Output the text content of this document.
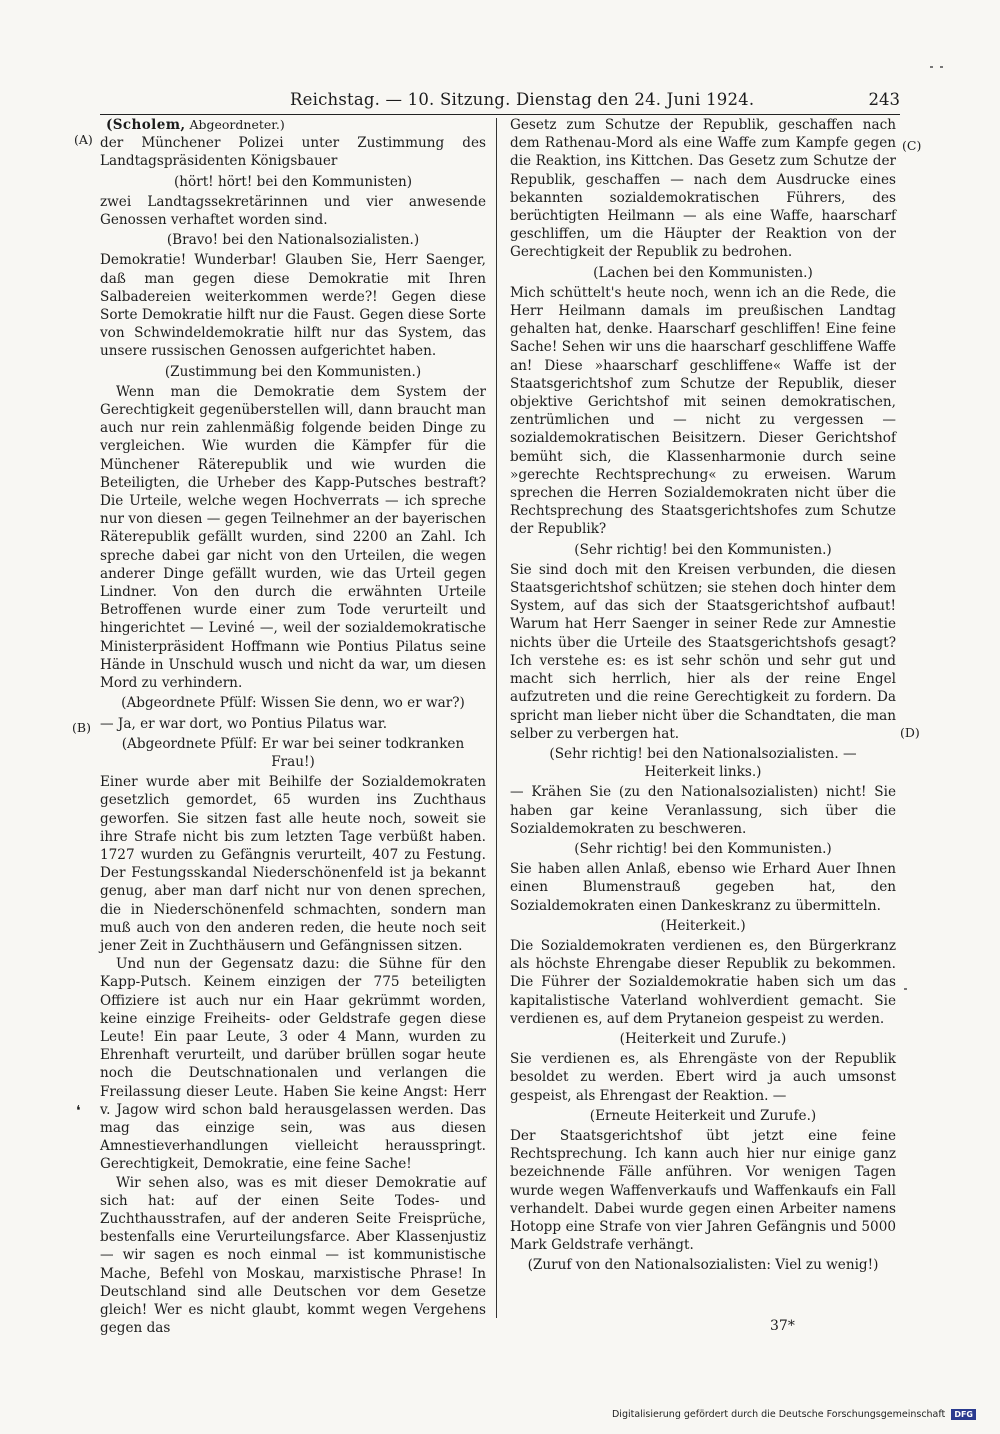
Reichstag. — 10. Sitzung. Dienstag den 24. Juni 1924.	243
(A)
(B)
(C)
(D)
❛
(Scholem, Abgeordneter.)

der Münchener Polizei unter Zustimmung des Landtagspräsidenten Königsbauer

(hört! hört! bei den Kommunisten)

zwei Landtagssekretärinnen und vier anwesende Genossen verhaftet worden sind.

(Bravo! bei den Nationalsozialisten.)

Demokratie! Wunderbar! Glauben Sie, Herr Saenger, daß man gegen diese Demokratie mit Ihren Salbadereien weiterkommen werde?! Gegen diese Sorte Demokratie hilft nur die Faust. Gegen diese Sorte von Schwindeldemokratie hilft nur das System, das unsere russischen Genossen aufgerichtet haben.

(Zustimmung bei den Kommunisten.)

Wenn man die Demokratie dem System der Gerechtigkeit gegenüberstellen will, dann braucht man auch nur rein zahlenmäßig folgende beiden Dinge zu vergleichen. Wie wurden die Kämpfer für die Münchener Räterepublik und wie wurden die Beteiligten, die Urheber des Kapp-Putsches bestraft? Die Urteile, welche wegen Hochverrats — ich spreche nur von diesen — gegen Teilnehmer an der bayerischen Räterepublik gefällt wurden, sind 2200 an Zahl. Ich spreche dabei gar nicht von den Urteilen, die wegen anderer Dinge gefällt wurden, wie das Urteil gegen Lindner. Von den durch die erwähnten Urteile Betroffenen wurde einer zum Tode verurteilt und hingerichtet — Leviné —, weil der sozialdemokratische Ministerpräsident Hoffmann wie Pontius Pilatus seine Hände in Unschuld wusch und nicht da war, um diesen Mord zu verhindern.

(Abgeordnete Pfülf: Wissen Sie denn, wo er war?)

— Ja, er war dort, wo Pontius Pilatus war.

(Abgeordnete Pfülf: Er war bei seiner todkranken Frau!)

Einer wurde aber mit Beihilfe der Sozialdemokraten gesetzlich gemordet, 65 wurden ins Zuchthaus geworfen. Sie sitzen fast alle heute noch, soweit sie ihre Strafe nicht bis zum letzten Tage verbüßt haben. 1727 wurden zu Gefängnis verurteilt, 407 zu Festung. Der Festungsskandal Niederschönenfeld ist ja bekannt genug, aber man darf nicht nur von denen sprechen, die in Niederschönenfeld schmachten, sondern man muß auch von den anderen reden, die heute noch seit jener Zeit in Zuchthäusern und Gefängnissen sitzen.

Und nun der Gegensatz dazu: die Sühne für den Kapp-Putsch. Keinem einzigen der 775 beteiligten Offiziere ist auch nur ein Haar gekrümmt worden, keine einzige Freiheits- oder Geldstrafe gegen diese Leute! Ein paar Leute, 3 oder 4 Mann, wurden zu Ehrenhaft verurteilt, und darüber brüllen sogar heute noch die Deutschnationalen und verlangen die Freilassung dieser Leute. Haben Sie keine Angst: Herr v. Jagow wird schon bald herausgelassen werden. Das mag das einzige sein, was aus diesen Amnestieverhandlungen vielleicht herausspringt. Gerechtigkeit, Demokratie, eine feine Sache!

Wir sehen also, was es mit dieser Demokratie auf sich hat: auf der einen Seite Todes- und Zuchthausstrafen, auf der anderen Seite Freisprüche, bestenfalls eine Verurteilungsfarce. Aber Klassenjustiz — wir sagen es noch einmal — ist kommunistische Mache, Befehl von Moskau, marxistische Phrase! In Deutschland sind alle Deutschen vor dem Gesetze gleich! Wer es nicht glaubt, kommt wegen Vergehens gegen das

Gesetz zum Schutze der Republik, geschaffen nach dem Rathenau-Mord als eine Waffe zum Kampfe gegen die Reaktion, ins Kittchen. Das Gesetz zum Schutze der Republik, geschaffen — nach dem Ausdrucke eines bekannten sozialdemokratischen Führers, des berüchtigten Heilmann — als eine Waffe, haarscharf geschliffen, um die Häupter der Reaktion von der Gerechtigkeit der Republik zu bedrohen.

(Lachen bei den Kommunisten.)

Mich schüttelt's heute noch, wenn ich an die Rede, die Herr Heilmann damals im preußischen Landtag gehalten hat, denke. Haarscharf geschliffen! Eine feine Sache! Sehen wir uns die haarscharf geschliffene Waffe an! Diese »haarscharf geschliffene« Waffe ist der Staatsgerichtshof zum Schutze der Republik, dieser objektive Gerichtshof mit seinen demokratischen, zentrümlichen und — nicht zu vergessen — sozialdemokratischen Beisitzern. Dieser Gerichtshof bemüht sich, die Klassenharmonie durch seine »gerechte Rechtsprechung« zu erweisen. Warum sprechen die Herren Sozialdemokraten nicht über die Rechtsprechung des Staatsgerichtshofes zum Schutze der Republik?

(Sehr richtig! bei den Kommunisten.)

Sie sind doch mit den Kreisen verbunden, die diesen Staatsgerichtshof schützen; sie stehen doch hinter dem System, auf das sich der Staatsgerichtshof aufbaut! Warum hat Herr Saenger in seiner Rede zur Amnestie nichts über die Urteile des Staatsgerichtshofs gesagt? Ich verstehe es: es ist sehr schön und sehr gut und macht sich herrlich, hier als der reine Engel aufzutreten und die reine Gerechtigkeit zu fordern. Da spricht man lieber nicht über die Schandtaten, die man selber zu verbergen hat.

(Sehr richtig! bei den Nationalsozialisten. — Heiterkeit links.)

— Krähen Sie (zu den Nationalsozialisten) nicht! Sie haben gar keine Veranlassung, sich über die Sozialdemokraten zu beschweren.

(Sehr richtig! bei den Kommunisten.)

Sie haben allen Anlaß, ebenso wie Erhard Auer Ihnen einen Blumenstrauß gegeben hat, den Sozialdemokraten einen Dankeskranz zu übermitteln.

(Heiterkeit.)

Die Sozialdemokraten verdienen es, den Bürgerkranz als höchste Ehrengabe dieser Republik zu bekommen. Die Führer der Sozialdemokratie haben sich um das kapitalistische Vaterland wohlverdient gemacht. Sie verdienen es, auf dem Prytaneion gespeist zu werden.

(Heiterkeit und Zurufe.)

Sie verdienen es, als Ehrengäste von der Republik besoldet zu werden. Ebert wird ja auch umsonst gespeist, als Ehrengast der Reaktion. —

(Erneute Heiterkeit und Zurufe.)

Der Staatsgerichtshof übt jetzt eine feine Rechtsprechung. Ich kann auch hier nur einige ganz bezeichnende Fälle anführen. Vor wenigen Tagen wurde wegen Waffenverkaufs und Waffenkaufs ein Fall verhandelt. Dabei wurde gegen einen Arbeiter namens Hotopp eine Strafe von vier Jahren Gefängnis und 5000 Mark Geldstrafe verhängt.

(Zuruf von den Nationalsozialisten: Viel zu wenig!)

37*
Digitalisierung gefördert durch die Deutsche Forschungsgemeinschaft DFG
